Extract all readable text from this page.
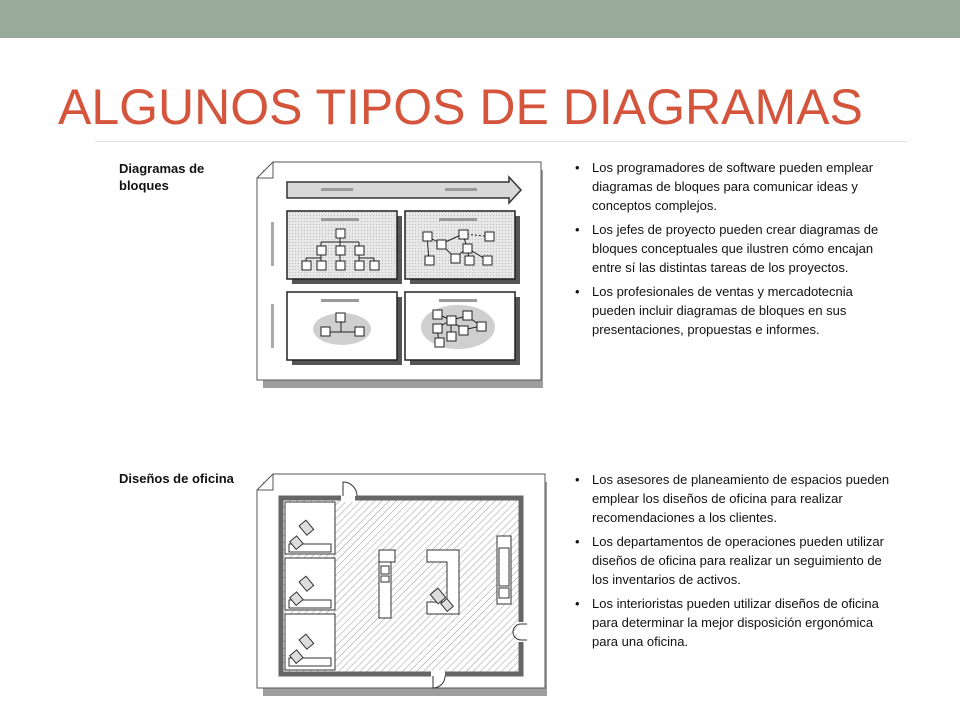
ALGUNOS TIPOS DE DIAGRAMAS
Diagramas de
bloques
• Los programadores de software pueden emplear diagramas de bloques para comunicar ideas y conceptos complejos.
• Los jefes de proyecto pueden crear diagramas de bloques conceptuales que ilustren cómo encajan entre sí las distintas tareas de los proyectos.
• Los profesionales de ventas y mercadotecnia pueden incluir diagramas de bloques en sus presentaciones, propuestas e informes.
Diseños de oficina
•	Los asesores de planeamiento de espacios pueden emplear los diseños de oficina para realizar recomendaciones a los clientes.
• Los departamentos de operaciones pueden utilizar diseños de oficina para realizar un seguimiento de los inventarios de activos.
• Los interioristas pueden utilizar diseños de oficina para determinar la mejor disposición ergonómica para una oficina.
